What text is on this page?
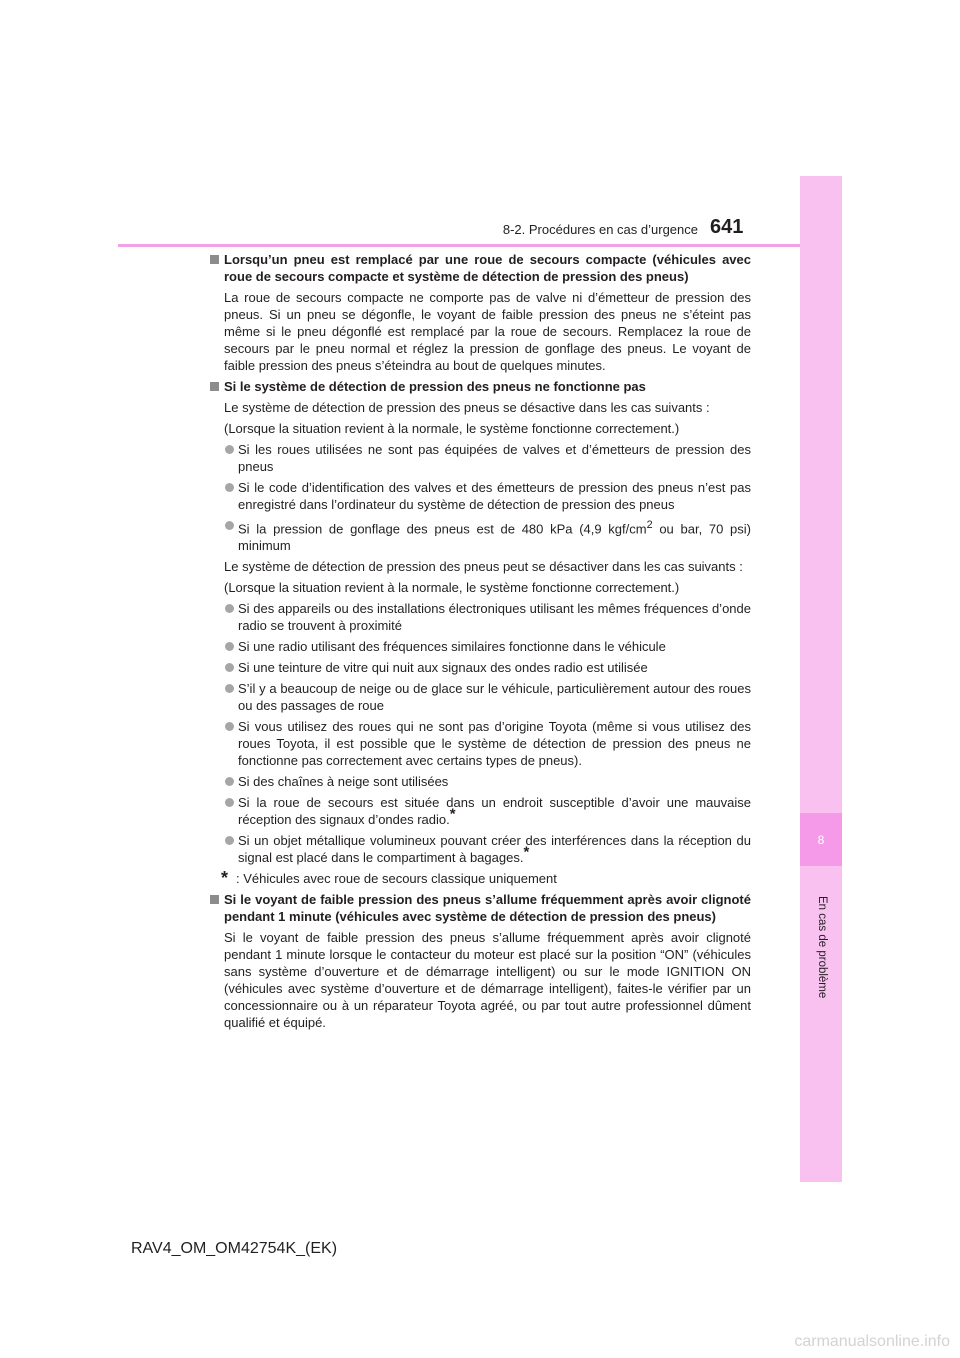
8
En cas de problème
8-2. Procédures en cas d’urgence 641
Lorsqu’un pneu est remplacé par une roue de secours compacte (véhicules avec roue de secours compacte et système de détection de pression des pneus)
La roue de secours compacte ne comporte pas de valve ni d’émetteur de pression des pneus. Si un pneu se dégonfle, le voyant de faible pression des pneus ne s’éteint pas même si le pneu dégonflé est remplacé par la roue de secours. Remplacez la roue de secours par le pneu normal et réglez la pression de gonflage des pneus. Le voyant de faible pression des pneus s’éteindra au bout de quelques minutes.
Si le système de détection de pression des pneus ne fonctionne pas
Le système de détection de pression des pneus se désactive dans les cas suivants :
(Lorsque la situation revient à la normale, le système fonctionne correctement.)
Si les roues utilisées ne sont pas équipées de valves et d’émetteurs de pression des pneus
Si le code d’identification des valves et des émetteurs de pression des pneus n’est pas enregistré dans l’ordinateur du système de détection de pression des pneus
Si la pression de gonflage des pneus est de 480 kPa (4,9 kgf/$cm^2$ ou bar, 70 psi) minimum
Le système de détection de pression des pneus peut se désactiver dans les cas suivants :
(Lorsque la situation revient à la normale, le système fonctionne correctement.)
Si des appareils ou des installations électroniques utilisant les mêmes fréquences d’onde radio se trouvent à proximité
Si une radio utilisant des fréquences similaires fonctionne dans le véhicule
Si une teinture de vitre qui nuit aux signaux des ondes radio est utilisée
S’il y a beaucoup de neige ou de glace sur le véhicule, particulièrement autour des roues ou des passages de roue
Si vous utilisez des roues qui ne sont pas d’origine Toyota (même si vous utilisez des roues Toyota, il est possible que le système de détection de pression des pneus ne fonctionne pas correctement avec certains types de pneus).
Si des chaînes à neige sont utilisées
Si la roue de secours est située dans un endroit susceptible d’avoir une mauvaise réception des signaux d’ondes radio.*
Si un objet métallique volumineux pouvant créer des interférences dans la réception du signal est placé dans le compartiment à bagages.*
* : Véhicules avec roue de secours classique uniquement
Si le voyant de faible pression des pneus s’allume fréquemment après avoir clignoté pendant 1 minute (véhicules avec système de détection de pression des pneus)
Si le voyant de faible pression des pneus s’allume fréquemment après avoir clignoté pendant 1 minute lorsque le contacteur du moteur est placé sur la position “ON” (véhicules sans système d’ouverture et de démarrage intelligent) ou sur le mode IGNITION ON (véhicules avec système d’ouverture et de démarrage intelligent), faites-le vérifier par un concessionnaire ou à un réparateur Toyota agréé, ou par tout autre professionnel dûment qualifié et équipé.
RAV4_OM_OM42754K_(EK)
carmanualsonline.info
